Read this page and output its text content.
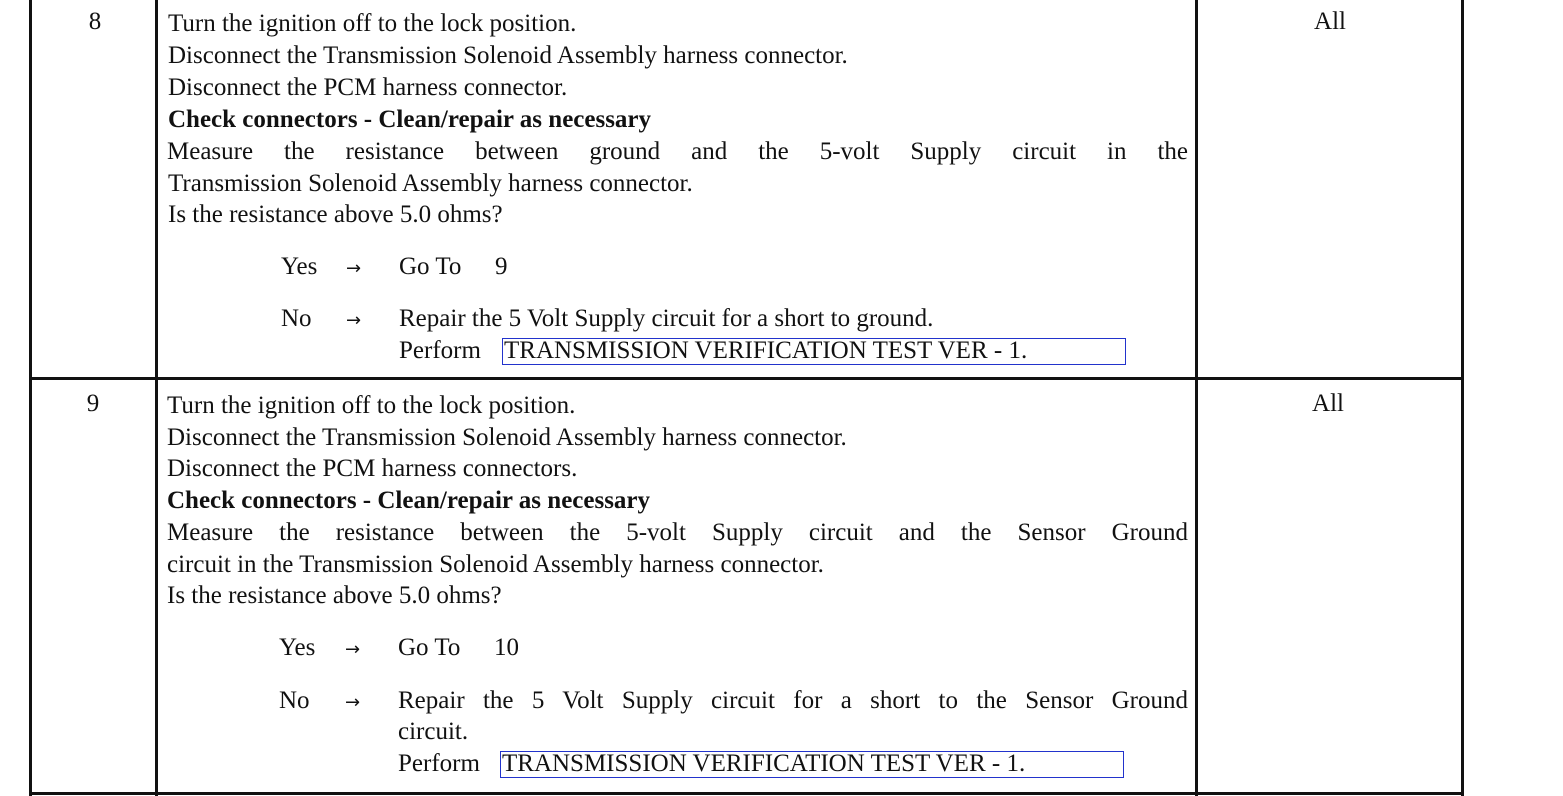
8	All
Turn the ignition off to the lock position.
Disconnect the Transmission Solenoid Assembly harness connector.
Disconnect the PCM harness connector.
Check connectors - Clean/repair as necessary
Measure the resistance between ground and the 5-volt Supply circuit in the
Transmission Solenoid Assembly harness connector.
Is the resistance above 5.0 ohms?
Yes → Go To 9
No → Repair the 5 Volt Supply circuit for a short to ground.
Perform TRANSMISSION VERIFICATION TEST VER - 1.
9	All
Turn the ignition off to the lock position.
Disconnect the Transmission Solenoid Assembly harness connector.
Disconnect the PCM harness connectors.
Check connectors - Clean/repair as necessary
Measure the resistance between the 5-volt Supply circuit and the Sensor Ground
circuit in the Transmission Solenoid Assembly harness connector.
Is the resistance above 5.0 ohms?
Yes → Go To 10
No → Repair the 5 Volt Supply circuit for a short to the Sensor Ground
circuit.
Perform TRANSMISSION VERIFICATION TEST VER - 1.
